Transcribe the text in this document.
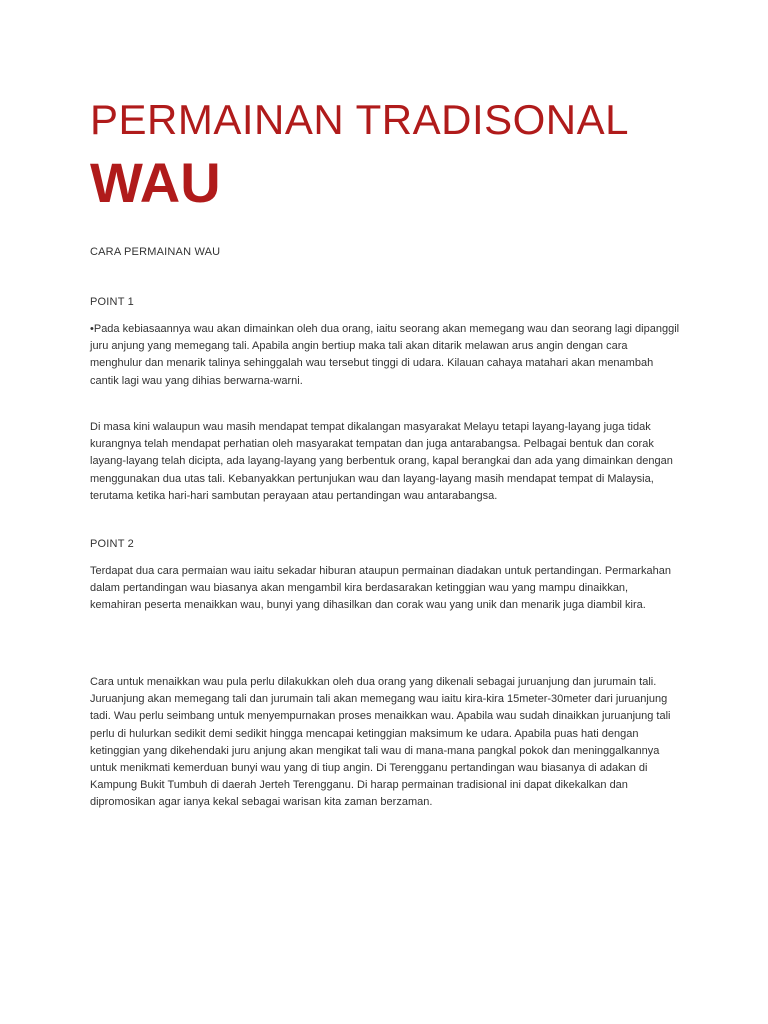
PERMAINAN TRADISONAL
WAU

CARA PERMAINAN WAU

POINT 1

•Pada kebiasaannya wau akan dimainkan oleh dua orang, iaitu seorang akan memegang wau dan seorang lagi dipanggil juru anjung yang memegang tali. Apabila angin bertiup maka tali akan ditarik melawan arus angin dengan cara menghulur dan menarik talinya sehinggalah wau tersebut tinggi di udara. Kilauan cahaya matahari akan menambah cantik lagi wau yang dihias berwarna-warni.

Di masa kini walaupun wau masih mendapat tempat dikalangan masyarakat Melayu tetapi layang-layang juga tidak kurangnya telah mendapat perhatian oleh masyarakat tempatan dan juga antarabangsa. Pelbagai bentuk dan corak layang-layang telah dicipta, ada layang-layang yang berbentuk orang, kapal berangkai dan ada yang dimainkan dengan menggunakan dua utas tali. Kebanyakkan pertunjukan wau dan layang-layang masih mendapat tempat di Malaysia, terutama ketika hari-hari sambutan perayaan atau pertandingan wau antarabangsa.

POINT 2

Terdapat dua cara permaian wau iaitu sekadar hiburan ataupun permainan diadakan untuk pertandingan. Permarkahan dalam pertandingan wau biasanya akan mengambil kira berdasarakan ketinggian wau yang mampu dinaikkan, kemahiran peserta menaikkan wau, bunyi yang dihasilkan dan corak wau yang unik dan menarik juga diambil kira.

Cara untuk menaikkan wau pula perlu dilakukkan oleh dua orang yang dikenali sebagai juruanjung dan jurumain tali. Juruanjung akan memegang tali dan jurumain tali akan memegang wau iaitu kira-kira 15meter-30meter dari juruanjung tadi. Wau perlu seimbang untuk menyempurnakan proses menaikkan wau. Apabila wau sudah dinaikkan juruanjung tali perlu di hulurkan sedikit demi sedikit hingga mencapai ketinggian maksimum ke udara. Apabila puas hati dengan ketinggian yang dikehendaki juru anjung akan mengikat tali wau di mana-mana pangkal pokok dan meninggalkannya untuk menikmati kemerduan bunyi wau yang di tiup angin. Di Terengganu pertandingan wau biasanya di adakan di Kampung Bukit Tumbuh di daerah Jerteh Terengganu. Di harap permainan tradisional ini dapat dikekalkan dan dipromosikan agar ianya kekal sebagai warisan kita zaman berzaman.
